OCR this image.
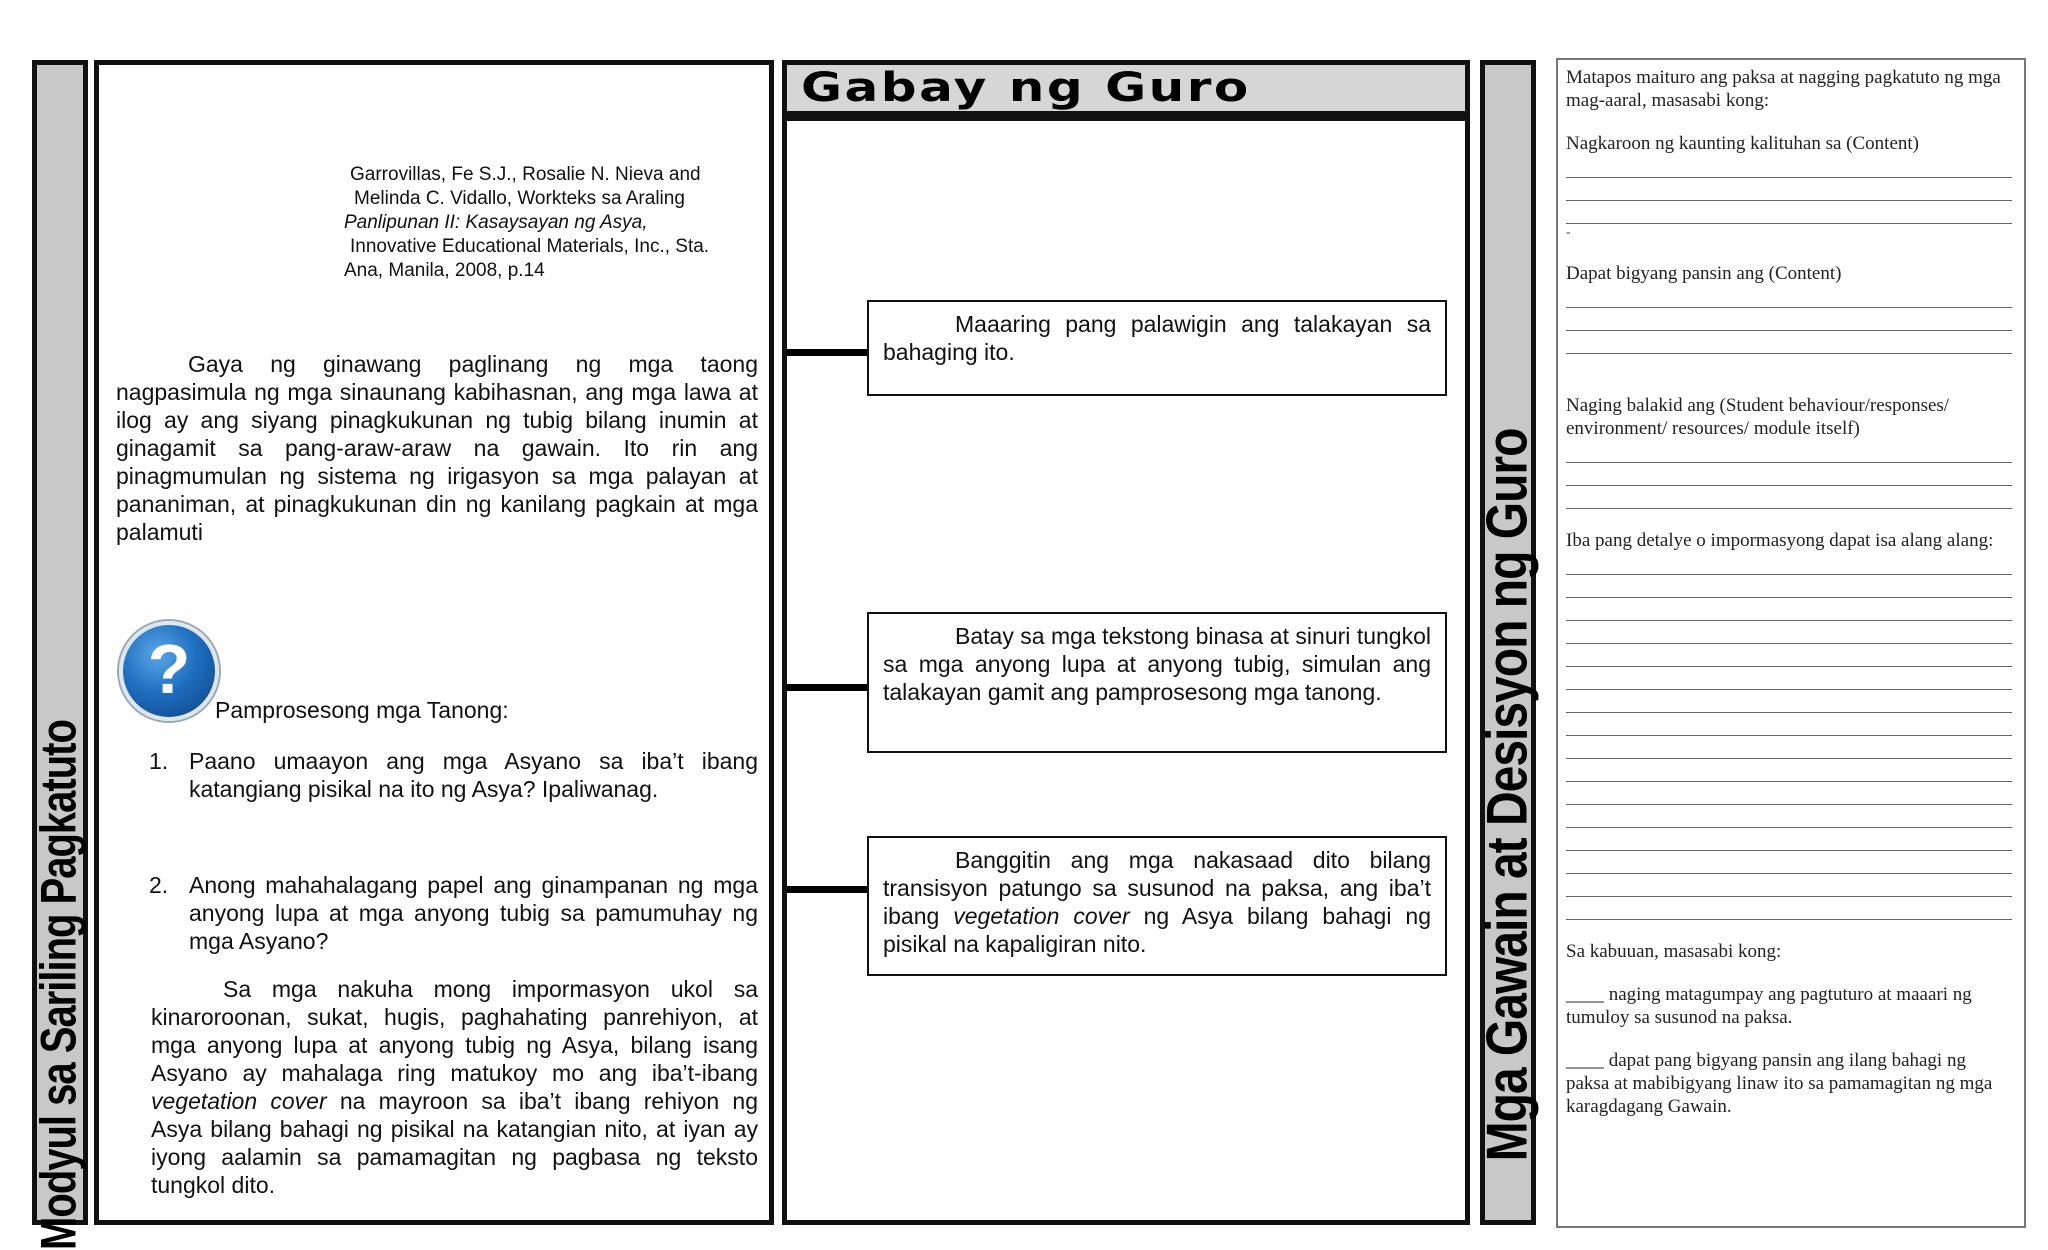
Modyul sa Sariling Pagkatuto
Garrovillas, Fe S.J., Rosalie N. Nieva and
Melinda C. Vidallo, Workteks sa Araling
Panlipunan II: Kasaysayan ng Asya,
Innovative Educational Materials, Inc., Sta.
Ana, Manila, 2008, p.14

Gaya ng ginawang paglinang ng mga taong nagpasimula ng mga sinaunang kabihasnan, ang mga lawa at ilog ay ang siyang pinagkukunan ng tubig bilang inumin at ginagamit sa pang-araw-araw na gawain. Ito rin ang pinagmumulan ng sistema ng irigasyon sa mga palayan at pananiman, at pinagkukunan din ng kanilang pagkain at mga palamuti

?
Pamprosesong mga Tanong:
1. Paano umaayon ang mga Asyano sa iba’t ibang katangiang pisikal na ito ng Asya? Ipaliwanag.
2. Anong mahahalagang papel ang ginampanan ng mga anyong lupa at mga anyong tubig sa pamumuhay ng mga Asyano?

Sa mga nakuha mong impormasyon ukol sa kinaroroonan, sukat, hugis, paghahating panrehiyon, at mga anyong lupa at anyong tubig ng Asya, bilang isang Asyano ay mahalaga ring matukoy mo ang iba’t-ibang vegetation cover na mayroon sa iba’t ibang rehiyon ng Asya bilang bahagi ng pisikal na katangian nito, at iyan ay iyong aalamin sa pamamagitan ng pagbasa ng teksto tungkol dito.

Gabay ng Guro
Maaaring pang palawigin ang talakayan sa bahaging ito.
Batay sa mga tekstong binasa at sinuri tungkol sa mga anyong lupa at anyong tubig, simulan ang talakayan gamit ang pamprosesong mga tanong.
Banggitin ang mga nakasaad dito bilang transisyon patungo sa susunod na paksa, ang iba’t ibang vegetation cover ng Asya bilang bahagi ng pisikal na kapaligiran nito.	Mga Gawain at Desisyon ng Guro
Matapos maituro ang paksa at nagging pagkatuto ng mga mag-aaral, masasabi kong:
Nagkaroon ng kaunting kalituhan sa (Content)
-
Dapat bigyang pansin ang (Content)
Naging balakid ang (Student behaviour/responses/ environment/ resources/ module itself)
Iba pang detalye o impormasyong dapat isa alang alang:
Sa kabuuan, masasabi kong:
____ naging matagumpay ang pagtuturo at maaari ng tumuloy sa susunod na paksa.
____ dapat pang bigyang pansin ang ilang bahagi ng paksa at mabibigyang linaw ito sa pamamagitan ng mga karagdagang Gawain.
